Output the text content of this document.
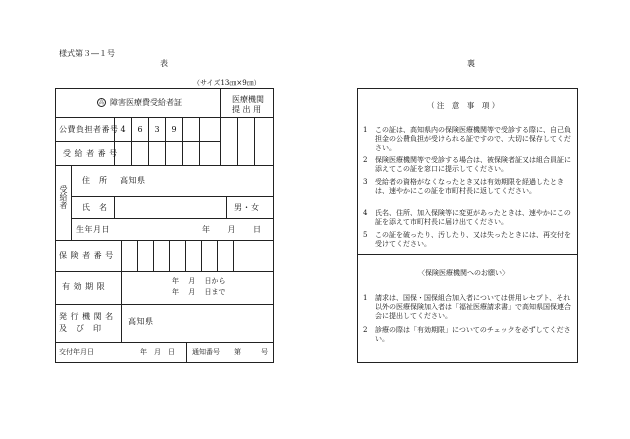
様式第３―１号
表	裏
（サイズ13㎝×9㎝）
高 障害医療費受給者証	医療機関
提 出 用
公費負担者番号 4	6	3	9
受 給 者 番 号
受給者
住　所 高知県
氏　名	男・女
生年月日	年　　月　　日
保 険 者 番 号
有 効 期 限
年　 月　 日から
年　 月　 日まで
発 行 機 関 名
及　び　印
高知県
交付年月日	年　月　日 通知番号 第	号
（ 注　意　事　項 ）
1 この証は、高知県内の保険医療機関等で受診する際に、自己負担金の公費負担が受けられる証ですので、大切に保存してください。
2 保険医療機関等で受診する場合は、被保険者証又は組合員証に添えてこの証を窓口に提示してください。
3 受給者の資格がなくなったとき又は有効期限を経過したときは、速やかにこの証を市町村長に返してください。
4 氏名、住所、加入保険等に変更があったときは、速やかにこの証を添えて市町村長に届け出てください。
5 この証を破ったり、汚したり、又は失ったときには、再交付を受けてください。
〈保険医療機関へのお願い〉
1 請求は、国保・国保組合加入者については併用レセプト、それ以外の医療保険加入者は「福祉医療請求書」で高知県国保連合会に提出してください。
2 診療の際は「有効期限」についてのチェックを必ずしてください。
